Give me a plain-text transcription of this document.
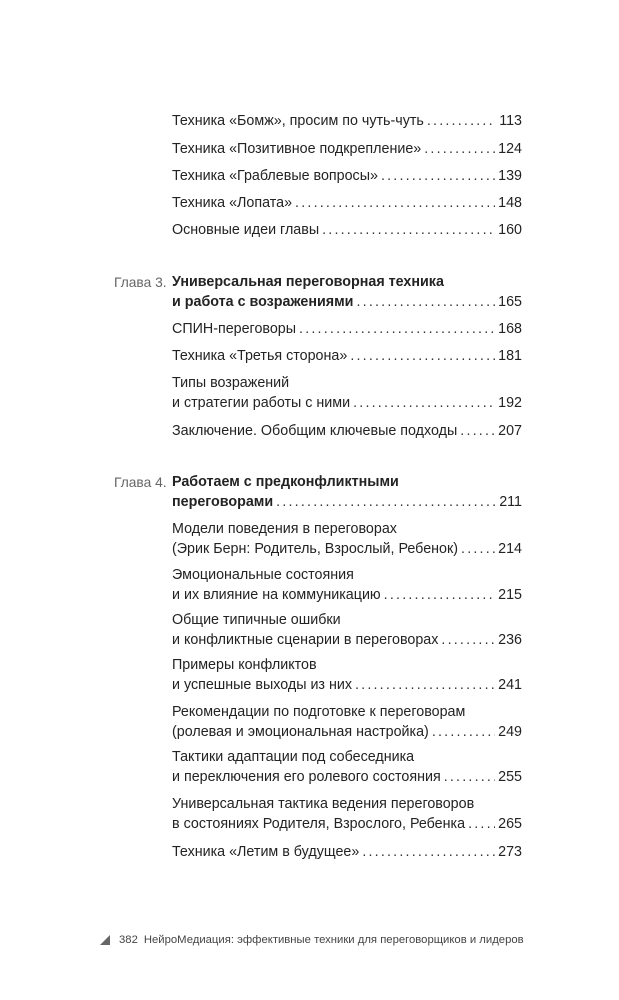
Техника «Бомж», просим по чуть-чуть .....	113
Техника «Позитивное подкрепление» .....	124
Техника «Граблевые вопросы» .....	139
Техника «Лопата» .....	148
Основные идеи главы .....	160
Глава 3. Универсальная переговорная техника
и работа с возражениями .....	165
СПИН-переговоры .....	168
Техника «Третья сторона» .....	181
Типы возражений
и стратегии работы с ними .....	192
Заключение. Обобщим ключевые подходы .....	207
Глава 4. Работаем с предконфликтными
переговорами .....	211
Модели поведения в переговорах
(Эрик Берн: Родитель, Взрослый, Ребенок) .....	214
Эмоциональные состояния
и их влияние на коммуникацию .....	215
Общие типичные ошибки
и конфликтные сценарии в переговорах .....	236
Примеры конфликтов
и успешные выходы из них .....	241
Рекомендации по подготовке к переговорам
(ролевая и эмоциональная настройка) .....	249
Тактики адаптации под собеседника
и переключения его ролевого состояния .....	255
Универсальная тактика ведения переговоров
в состояниях Родителя, Взрослого, Ребенка ..... 265
Техника «Летим в будущее» .....	273
382 НейроМедиация: эффективные техники для переговорщиков и лидеров
